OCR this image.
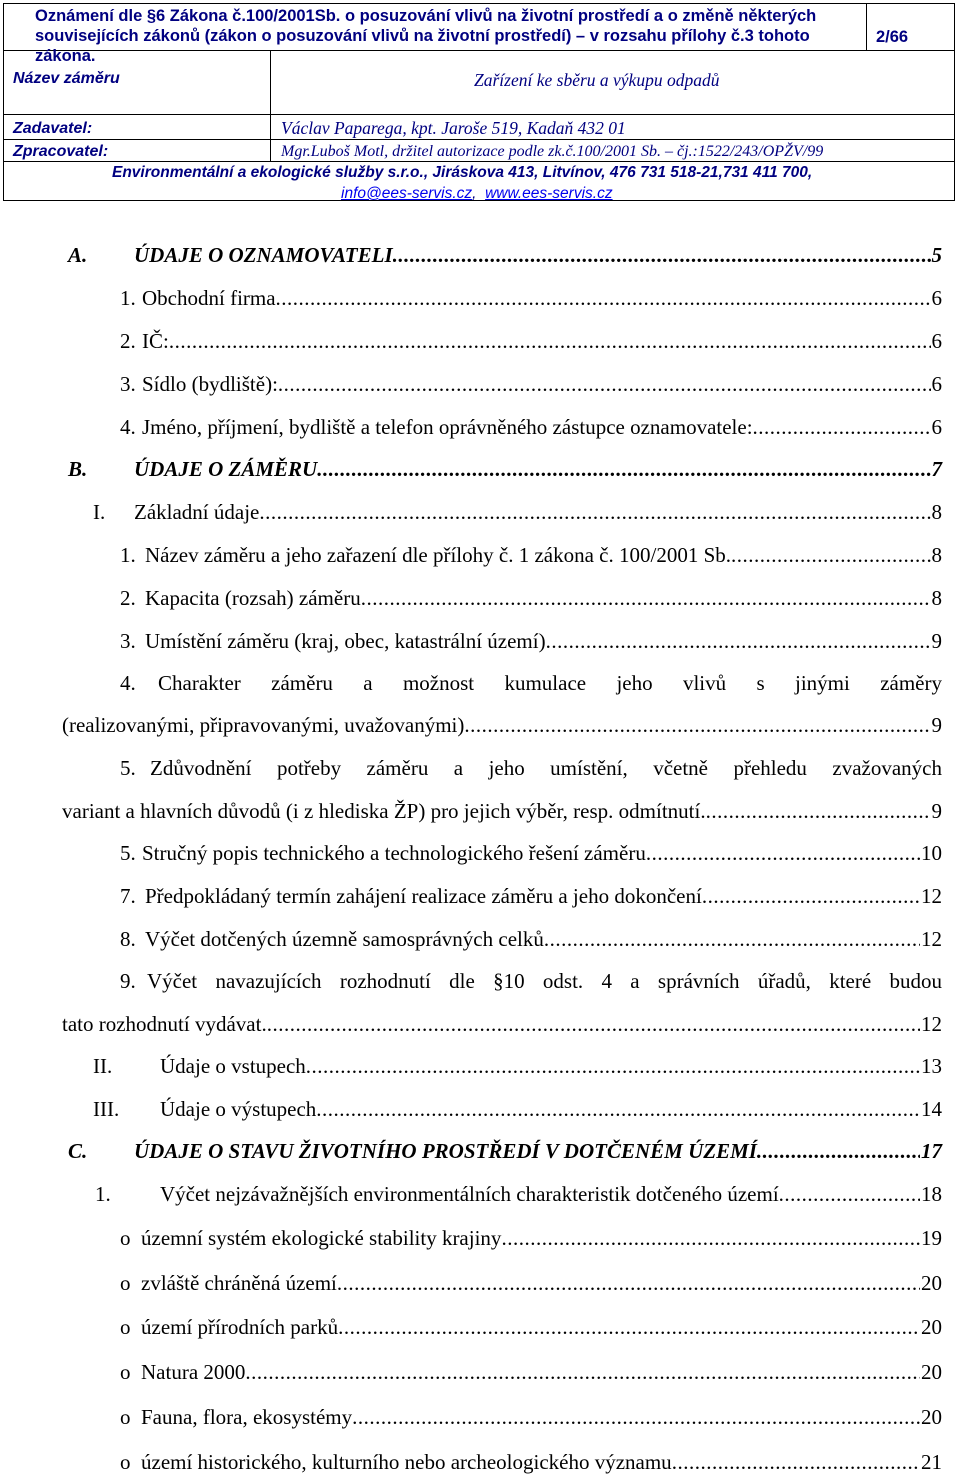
Oznámení dle §6 Zákona č.100/2001Sb. o posuzování vlivů na životní prostředí a o změně některých
souvisejících zákonů (zákon o posuzování vlivů na životní prostředí) – v rozsahu přílohy č.3 tohoto zákona.
2/66
Název záměru	Zařízení ke sběru a výkupu odpadů
Zadavatel:	Václav Paparega, kpt. Jaroše 519, Kadaň 432 01
Zpracovatel:	Mgr.Luboš Motl, držitel autorizace podle zk.č.100/2001 Sb. – čj.:1522/243/OPŽV/99
Environmentální a ekologické služby s.r.o., Jiráskova 413, Litvínov, 476 731 518-21,731 411 700,
info@ees-servis.cz, www.ees-servis.cz
A.	ÚDAJE O OZNAMOVATELI .....	5
1. Obchodní firma .....	6
2. IČ: .....	6
3. Sídlo (bydliště): .....	6
4. Jméno, příjmení, bydliště a telefon oprávněného zástupce oznamovatele: .....	6
B.	ÚDAJE O ZÁMĚRU .....	7
I.	Základní údaje .....	8
1. Název záměru a jeho zařazení dle přílohy č. 1 zákona č. 100/2001 Sb. .....	8
2. Kapacita (rozsah) záměru .....	8
3. Umístění záměru (kraj, obec, katastrální území) .....	9
4.	Charakter záměru a možnost kumulace jeho vlivů s jinými záměry
(realizovanými, připravovanými, uvažovanými) .....	9
5. Zdůvodnění potřeby záměru a jeho umístění, včetně přehledu zvažovaných
variant a hlavních důvodů (i z hlediska ŽP) pro jejich výběr, resp. odmítnutí. .....	9
5. Stručný popis technického a technologického řešení záměru .....	10
7. Předpokládaný termín zahájení realizace záměru a jeho dokončení .....	12
8. Výčet dotčených územně samosprávných celků .....	12
9. Výčet navazujících rozhodnutí dle §10 odst. 4 a správních úřadů, které budou
tato rozhodnutí vydávat. .....	12
II.	Údaje o vstupech .....	13
III.	Údaje o výstupech .....	14
C.	ÚDAJE O STAVU ŽIVOTNÍHO PROSTŘEDÍ V DOTČENÉM ÚZEMÍ .....	17
1.	Výčet nejzávažnějších environmentálních charakteristik dotčeného území .....	18
o územní systém ekologické stability krajiny .....	19
o zvláště chráněná území .....	20
o území přírodních parků .....	20
o Natura 2000 .....	20
o Fauna, flora, ekosystémy .....	20
o území historického, kulturního nebo archeologického významu .....	21
